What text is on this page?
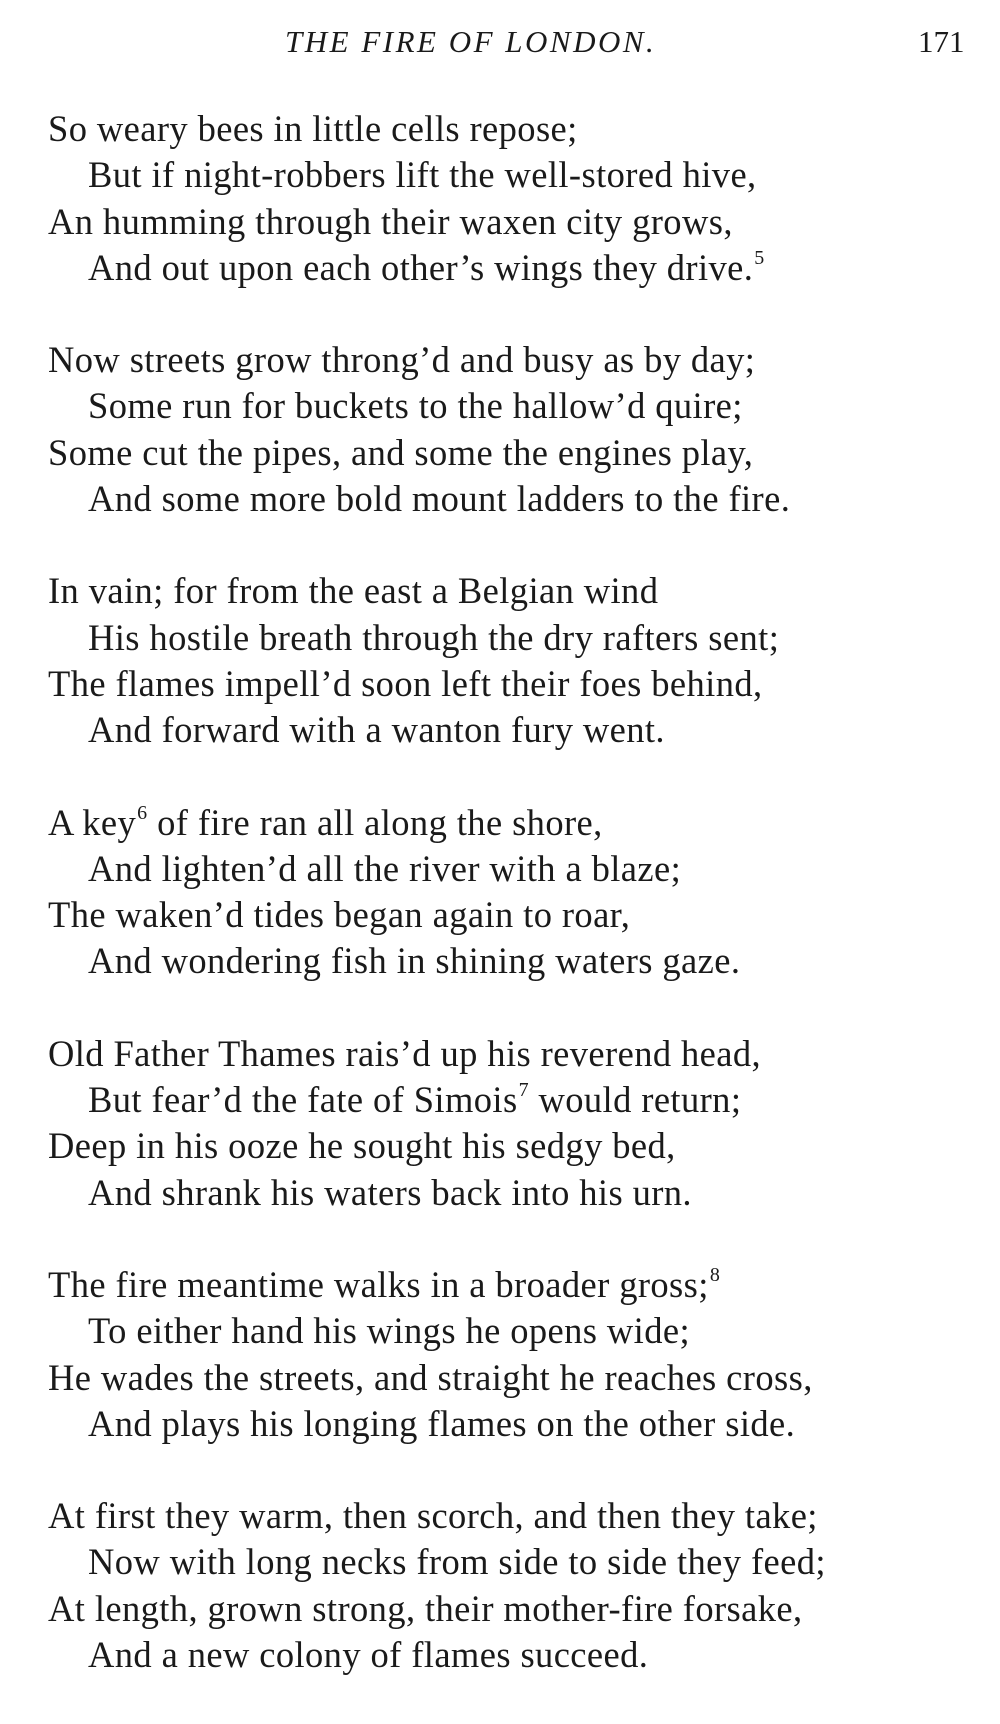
THE FIRE OF LONDON.	171
So weary bees in little cells repose;
But if night-robbers lift the well-stored hive,
An humming through their waxen city grows,
And out upon each other’s wings they drive.$^5$
Now streets grow throng’d and busy as by day;
Some run for buckets to the hallow’d quire;
Some cut the pipes, and some the engines play,
And some more bold mount ladders to the fire.
In vain; for from the east a Belgian wind
His hostile breath through the dry rafters sent;
The flames impell’d soon left their foes behind,
And forward with a wanton fury went.
A key$^6$ of fire ran all along the shore,
And lighten’d all the river with a blaze;
The waken’d tides began again to roar,
And wondering fish in shining waters gaze.
Old Father Thames rais’d up his reverend head,
But fear’d the fate of Simois$^7$ would return;
Deep in his ooze he sought his sedgy bed,
And shrank his waters back into his urn.
The fire meantime walks in a broader gross;$^8$
To either hand his wings he opens wide;
He wades the streets, and straight he reaches cross,
And plays his longing flames on the other side.
At first they warm, then scorch, and then they take;
Now with long necks from side to side they feed;
At length, grown strong, their mother-fire forsake,
And a new colony of flames succeed.
